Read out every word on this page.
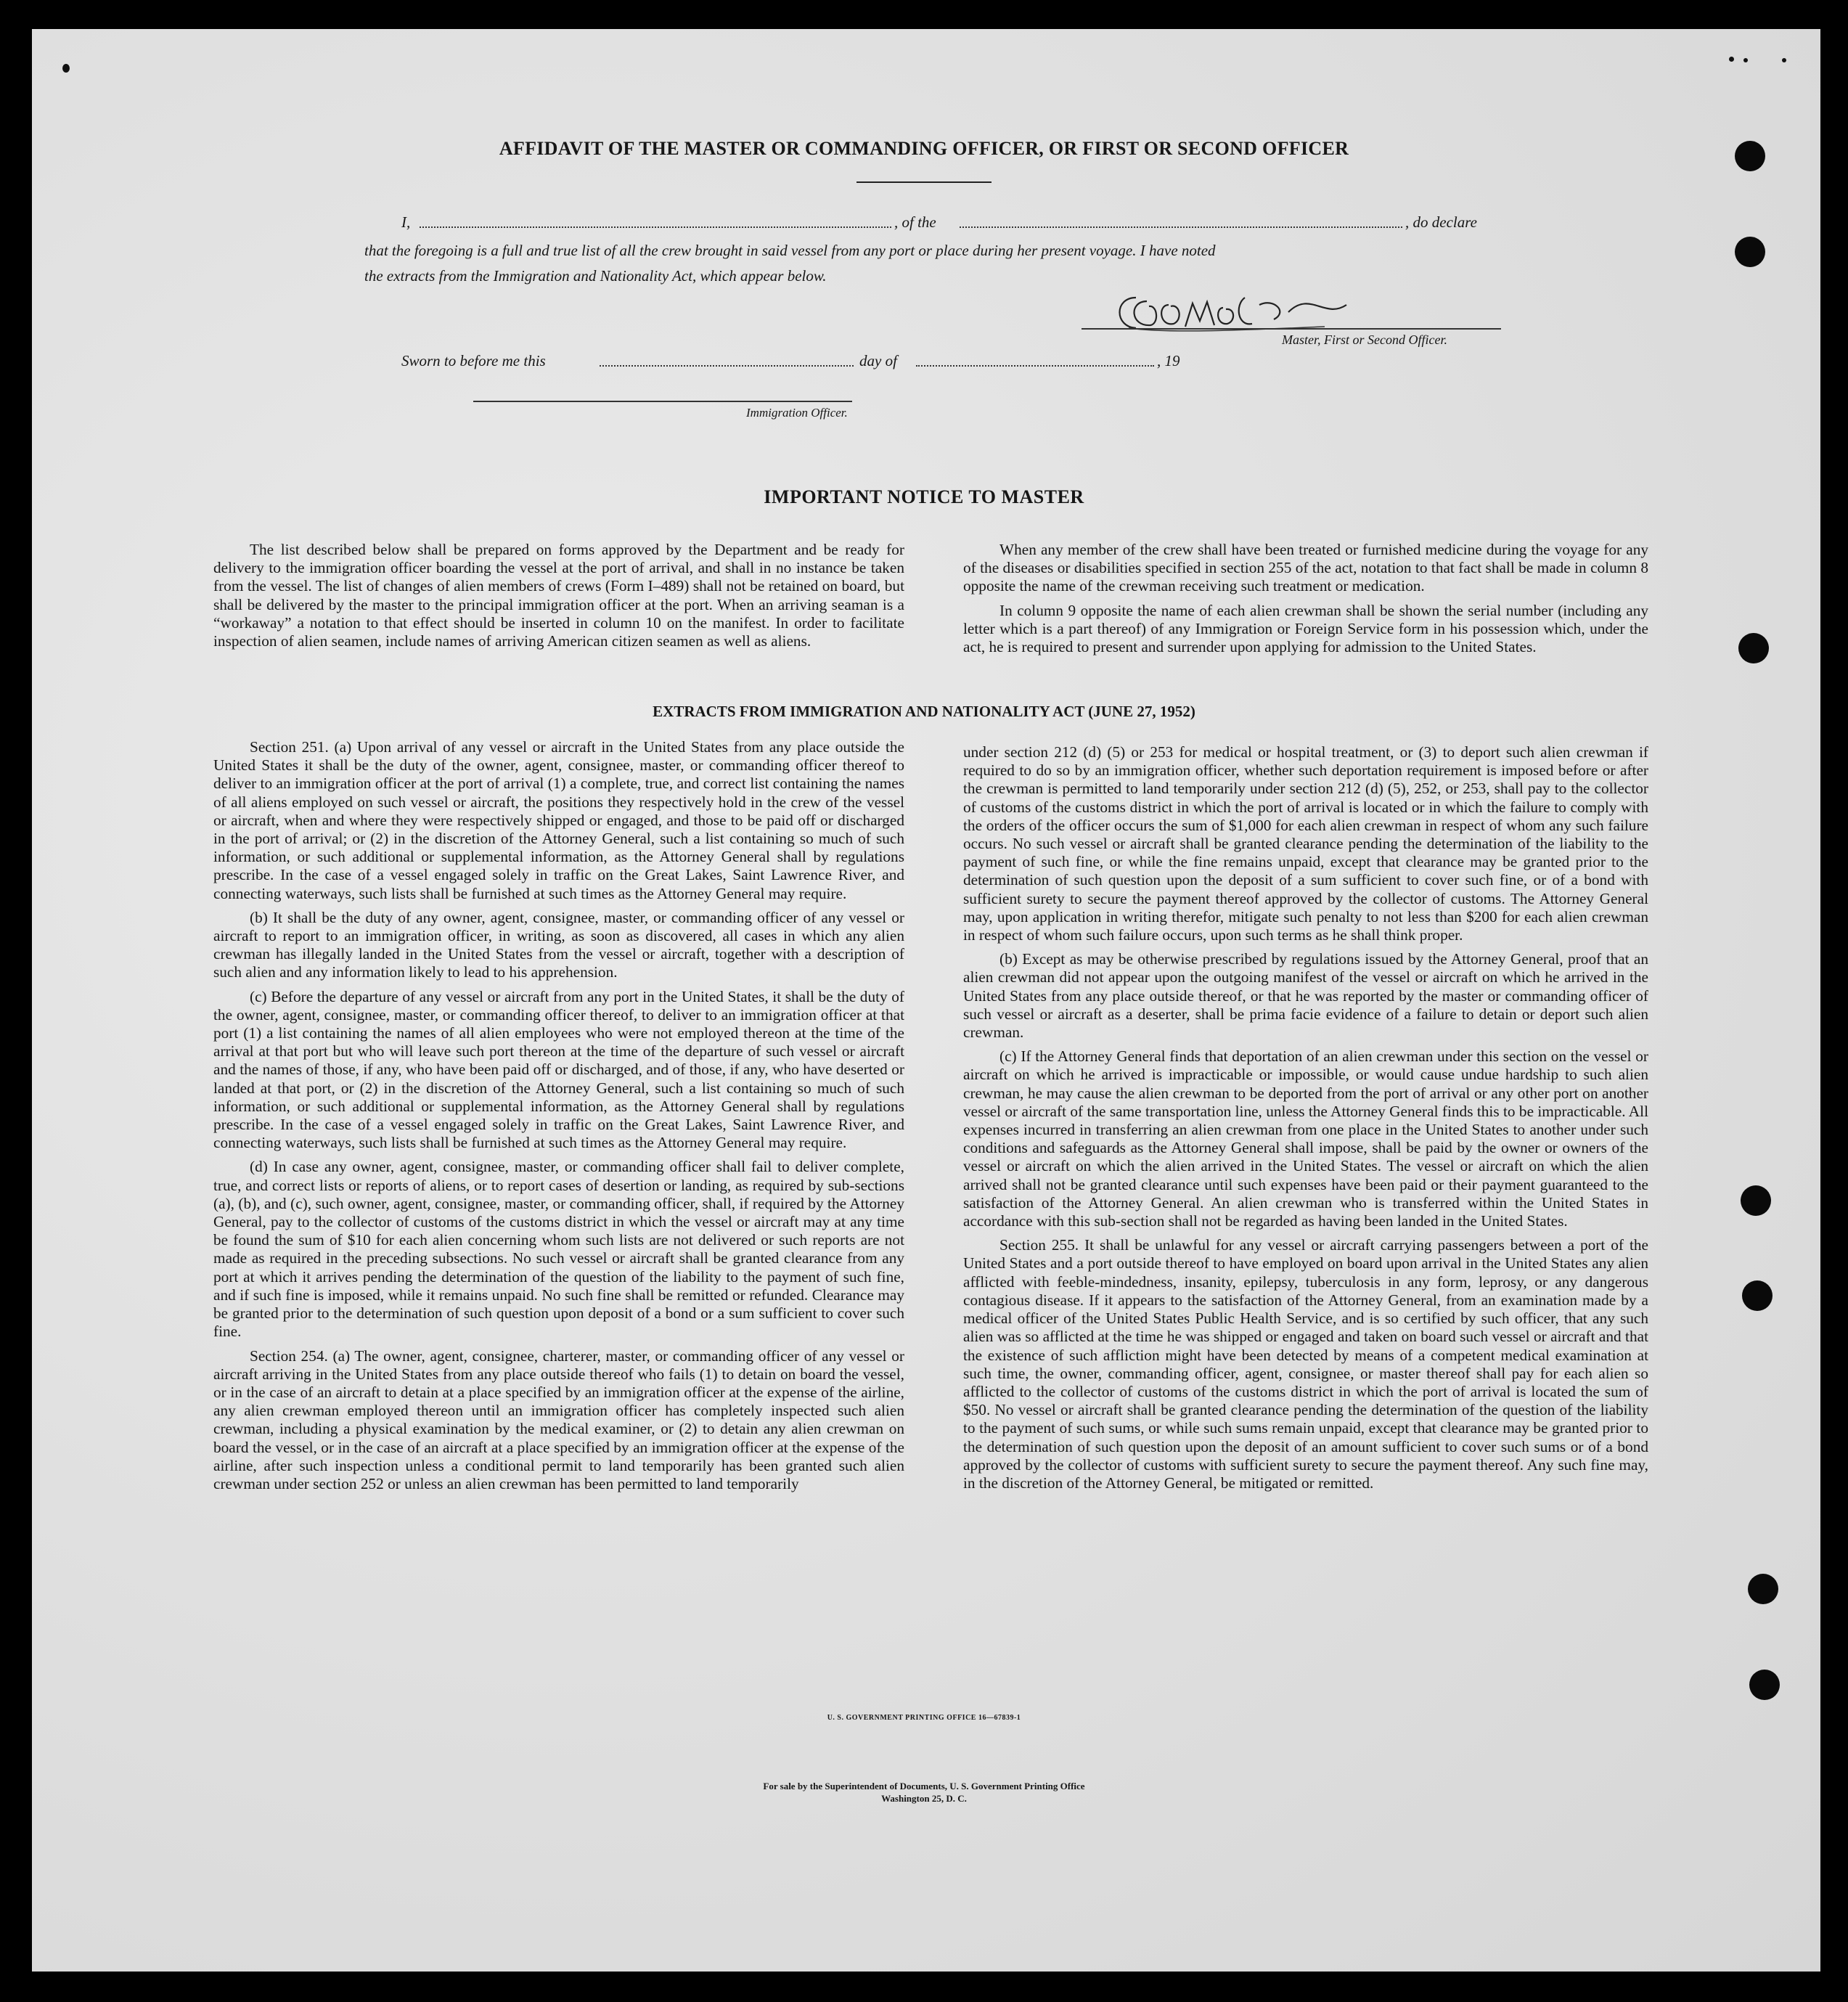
AFFIDAVIT OF THE MASTER OR COMMANDING OFFICER, OR FIRST OR SECOND OFFICER
I,	, of the	, do declare
that the foregoing is a full and true list of all the crew brought in said vessel from any port or place during her present voyage. I have noted
the extracts from the Immigration and Nationality Act, which appear below.
Master, First or Second Officer.
Sworn to before me this	day of	, 19
Immigration Officer.
IMPORTANT NOTICE TO MASTER

The list described below shall be prepared on forms approved by the Department and be ready for delivery to the immigration officer boarding the vessel at the port of arrival, and shall in no instance be taken from the vessel. The list of changes of alien members of crews (Form I–489) shall not be retained on board, but shall be delivered by the master to the principal immigration officer at the port. When an arriving seaman is a “workaway” a notation to that effect should be inserted in column 10 on the manifest. In order to facilitate inspection of alien seamen, include names of arriving American citizen seamen as well as aliens.

When any member of the crew shall have been treated or furnished medicine during the voyage for any of the diseases or disabilities specified in section 255 of the act, notation to that fact shall be made in column 8 opposite the name of the crewman receiving such treatment or medication.

In column 9 opposite the name of each alien crewman shall be shown the serial number (including any letter which is a part thereof) of any Immigration or Foreign Service form in his possession which, under the act, he is required to present and surrender upon applying for admission to the United States.

EXTRACTS FROM IMMIGRATION AND NATIONALITY ACT (JUNE 27, 1952)

Section 251. (a) Upon arrival of any vessel or aircraft in the United States from any place outside the United States it shall be the duty of the owner, agent, consignee, master, or commanding officer thereof to deliver to an immigration officer at the port of arrival (1) a complete, true, and correct list containing the names of all aliens employed on such vessel or aircraft, the positions they respectively hold in the crew of the vessel or aircraft, when and where they were respectively shipped or engaged, and those to be paid off or discharged in the port of arrival; or (2) in the discretion of the Attorney General, such a list containing so much of such information, or such additional or supplemental information, as the Attorney General shall by regulations prescribe. In the case of a vessel engaged solely in traffic on the Great Lakes, Saint Lawrence River, and connecting waterways, such lists shall be furnished at such times as the Attorney General may require.

(b) It shall be the duty of any owner, agent, consignee, master, or commanding officer of any vessel or aircraft to report to an immigration officer, in writing, as soon as discovered, all cases in which any alien crewman has illegally landed in the United States from the vessel or aircraft, together with a description of such alien and any information likely to lead to his apprehension.

(c) Before the departure of any vessel or aircraft from any port in the United States, it shall be the duty of the owner, agent, consignee, master, or commanding officer thereof, to deliver to an immigration officer at that port (1) a list containing the names of all alien employees who were not employed thereon at the time of the arrival at that port but who will leave such port thereon at the time of the departure of such vessel or aircraft and the names of those, if any, who have been paid off or discharged, and of those, if any, who have deserted or landed at that port, or (2) in the discretion of the Attorney General, such a list containing so much of such information, or such additional or supplemental information, as the Attorney General shall by regulations prescribe. In the case of a vessel engaged solely in traffic on the Great Lakes, Saint Lawrence River, and connecting waterways, such lists shall be furnished at such times as the Attorney General may require.

(d) In case any owner, agent, consignee, master, or commanding officer shall fail to deliver complete, true, and correct lists or reports of aliens, or to report cases of desertion or landing, as required by sub-sections (a), (b), and (c), such owner, agent, consignee, master, or commanding officer, shall, if required by the Attorney General, pay to the collector of customs of the customs district in which the vessel or aircraft may at any time be found the sum of $10 for each alien concerning whom such lists are not delivered or such reports are not made as required in the preceding subsections. No such vessel or aircraft shall be granted clearance from any port at which it arrives pending the determination of the question of the liability to the payment of such fine, and if such fine is imposed, while it remains unpaid. No such fine shall be remitted or refunded. Clearance may be granted prior to the determination of such question upon deposit of a bond or a sum sufficient to cover such fine.

Section 254. (a) The owner, agent, consignee, charterer, master, or commanding officer of any vessel or aircraft arriving in the United States from any place outside thereof who fails (1) to detain on board the vessel, or in the case of an aircraft to detain at a place specified by an immigration officer at the expense of the airline, any alien crewman employed thereon until an immigration officer has completely inspected such alien crewman, including a physical examination by the medical examiner, or (2) to detain any alien crewman on board the vessel, or in the case of an aircraft at a place specified by an immigration officer at the expense of the airline, after such inspection unless a conditional permit to land temporarily has been granted such alien crewman under section 252 or unless an alien crewman has been permitted to land temporarily

under section 212 (d) (5) or 253 for medical or hospital treatment, or (3) to deport such alien crewman if required to do so by an immigration officer, whether such deportation requirement is imposed before or after the crewman is permitted to land temporarily under section 212 (d) (5), 252, or 253, shall pay to the collector of customs of the customs district in which the port of arrival is located or in which the failure to comply with the orders of the officer occurs the sum of $1,000 for each alien crewman in respect of whom any such failure occurs. No such vessel or aircraft shall be granted clearance pending the determination of the liability to the payment of such fine, or while the fine remains unpaid, except that clearance may be granted prior to the determination of such question upon the deposit of a sum sufficient to cover such fine, or of a bond with sufficient surety to secure the payment thereof approved by the collector of customs. The Attorney General may, upon application in writing therefor, mitigate such penalty to not less than $200 for each alien crewman in respect of whom such failure occurs, upon such terms as he shall think proper.

(b) Except as may be otherwise prescribed by regulations issued by the Attorney General, proof that an alien crewman did not appear upon the outgoing manifest of the vessel or aircraft on which he arrived in the United States from any place outside thereof, or that he was reported by the master or commanding officer of such vessel or aircraft as a deserter, shall be prima facie evidence of a failure to detain or deport such alien crewman.

(c) If the Attorney General finds that deportation of an alien crewman under this section on the vessel or aircraft on which he arrived is impracticable or impossible, or would cause undue hardship to such alien crewman, he may cause the alien crewman to be deported from the port of arrival or any other port on another vessel or aircraft of the same transportation line, unless the Attorney General finds this to be impracticable. All expenses incurred in transferring an alien crewman from one place in the United States to another under such conditions and safeguards as the Attorney General shall impose, shall be paid by the owner or owners of the vessel or aircraft on which the alien arrived in the United States. The vessel or aircraft on which the alien arrived shall not be granted clearance until such expenses have been paid or their payment guaranteed to the satisfaction of the Attorney General. An alien crewman who is transferred within the United States in accordance with this sub-section shall not be regarded as having been landed in the United States.

Section 255. It shall be unlawful for any vessel or aircraft carrying passengers between a port of the United States and a port outside thereof to have employed on board upon arrival in the United States any alien afflicted with feeble-mindedness, insanity, epilepsy, tuberculosis in any form, leprosy, or any dangerous contagious disease. If it appears to the satisfaction of the Attorney General, from an examination made by a medical officer of the United States Public Health Service, and is so certified by such officer, that any such alien was so afflicted at the time he was shipped or engaged and taken on board such vessel or aircraft and that the existence of such affliction might have been detected by means of a competent medical examination at such time, the owner, commanding officer, agent, consignee, or master thereof shall pay for each alien so afflicted to the collector of customs of the customs district in which the port of arrival is located the sum of $50. No vessel or aircraft shall be granted clearance pending the determination of the question of the liability to the payment of such sums, or while such sums remain unpaid, except that clearance may be granted prior to the determination of such question upon the deposit of an amount sufficient to cover such sums or of a bond approved by the collector of customs with sufficient surety to secure the payment thereof. Any such fine may, in the discretion of the Attorney General, be mitigated or remitted.

U. S. GOVERNMENT PRINTING OFFICE 16—67839-1
For sale by the Superintendent of Documents, U. S. Government Printing Office
Washington 25, D. C.
